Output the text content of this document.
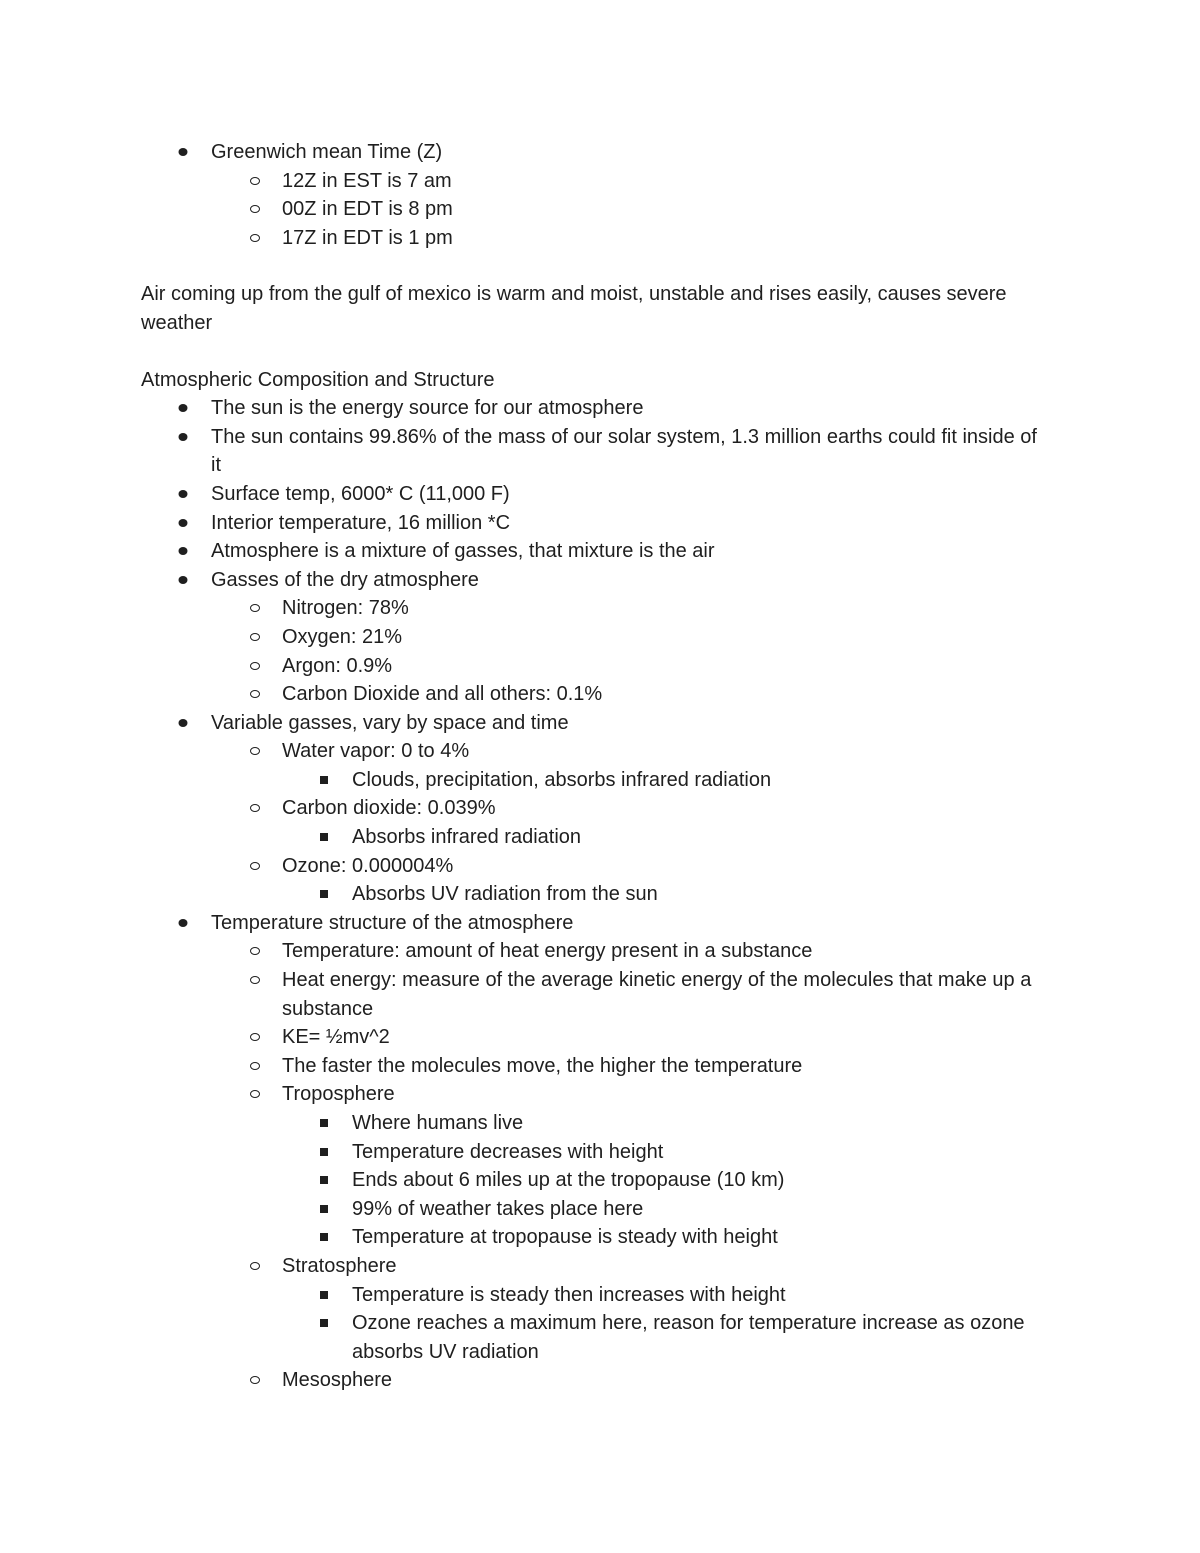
Greenwich mean Time (Z)
12Z in EST is 7 am
00Z in EDT is 8 pm
17Z in EDT is 1 pm
Air coming up from the gulf of mexico is warm and moist, unstable and rises easily, causes severe weather
Atmospheric Composition and Structure
The sun is the energy source for our atmosphere
The sun contains 99.86% of the mass of our solar system, 1.3 million earths could fit inside of it
Surface temp, 6000* C (11,000 F)
Interior temperature, 16 million *C
Atmosphere is a mixture of gasses, that mixture is the air
Gasses of the dry atmosphere
Nitrogen: 78%
Oxygen: 21%
Argon: 0.9%
Carbon Dioxide and all others: 0.1%
Variable gasses, vary by space and time
Water vapor: 0 to 4%
Clouds, precipitation, absorbs infrared radiation
Carbon dioxide: 0.039%
Absorbs infrared radiation
Ozone: 0.000004%
Absorbs UV radiation from the sun
Temperature structure of the atmosphere
Temperature: amount of heat energy present in a substance
Heat energy: measure of the average kinetic energy of the molecules that make up a substance
KE= ½mv^2
The faster the molecules move, the higher the temperature
Troposphere
Where humans live
Temperature decreases with height
Ends about 6 miles up at the tropopause (10 km)
99% of weather takes place here
Temperature at tropopause is steady with height
Stratosphere
Temperature is steady then increases with height
Ozone reaches a maximum here, reason for temperature increase as ozone absorbs UV radiation
Mesosphere
